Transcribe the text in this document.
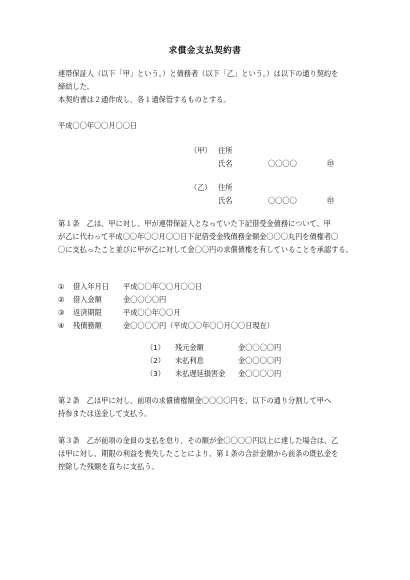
求償金支払契約書
連帯保証人（以下「甲」という。）と債務者（以下「乙」という。）は以下の通り契約を
締結した。
本契約書は２通作成し、各１通保管するものとする。
平成〇〇年〇〇月〇〇日
（甲） 住所
氏名	〇〇〇〇	㊞
（乙） 住所
氏名	〇〇〇〇	㊞
第１条　乙は、甲に対し、甲が連帯保証人となっていた下記借受金債務について、甲
が乙に代わって平成〇〇年〇〇月〇〇日下記借受金残債務金額金〇〇〇丸円を債権者〇
〇に支払ったこと並びに甲が乙に対して金〇〇円の求償債権を有していることを承認する。
① 借入年月日 平成〇〇年〇〇月〇〇日
② 借入金額	金〇〇〇〇円
③ 返済期限	平成〇〇年〇〇月
④ 残債務額	金〇〇〇〇円（平成〇〇年〇〇月〇〇日現在）
（1） 残元金額	金〇〇〇〇円
（2） 未払利息	金〇〇〇〇円
（3） 未払遅延損害金 金〇〇〇〇円
第２条　乙は甲に対し、前項の求償債権額金〇〇〇〇円を、以下の通り分割して甲へ
持参または送金して支払う。
第３条　乙が前項の金員の支払を怠り、その額が金〇〇〇〇円以上に達した場合は、乙
は甲に対し、期限の利益を喪失したことにより、第１条の合計金額から前条の既払金を
控除した残額を直ちに支払う。
